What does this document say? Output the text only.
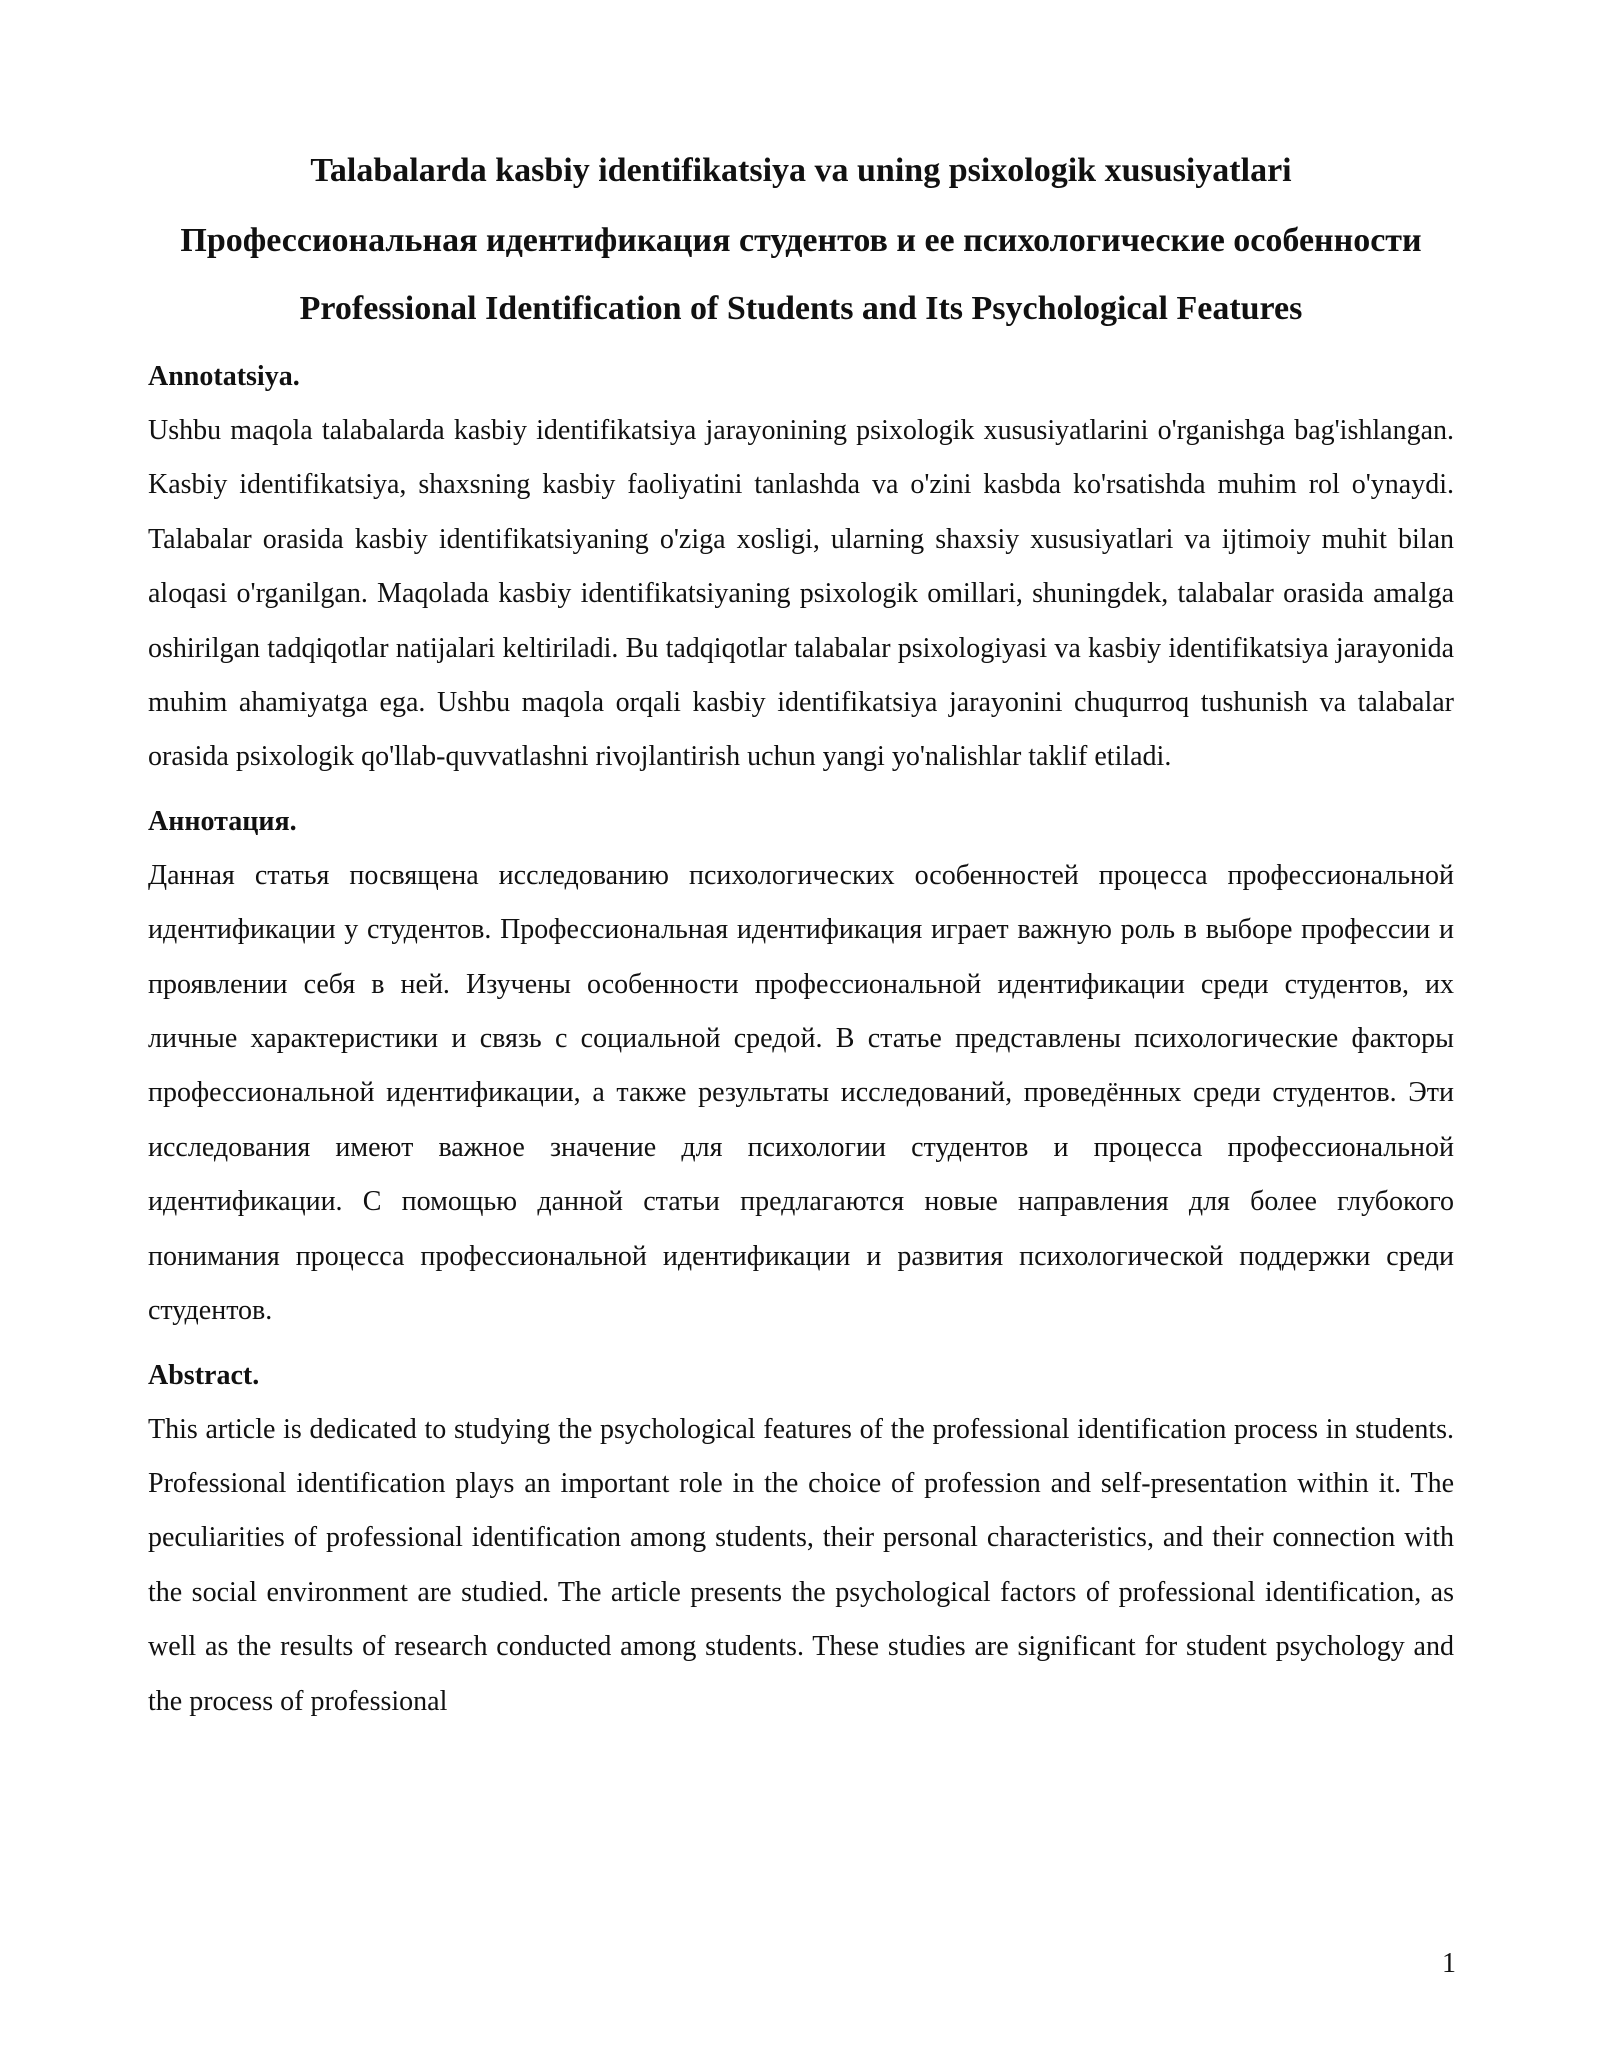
Talabalarda kasbiy identifikatsiya va uning psixologik xususiyatlari

Профессиональная идентификация студентов и ее психологические особенности

Professional Identification of Students and Its Psychological Features

Annotatsiya.

Ushbu maqola talabalarda kasbiy identifikatsiya jarayonining psixologik xususiyatlarini o'rganishga bag'ishlangan. Kasbiy identifikatsiya, shaxsning kasbiy faoliyatini tanlashda va o'zini kasbda ko'rsatishda muhim rol o'ynaydi. Talabalar orasida kasbiy identifikatsiyaning o'ziga xosligi, ularning shaxsiy xususiyatlari va ijtimoiy muhit bilan aloqasi o'rganilgan. Maqolada kasbiy identifikatsiyaning psixologik omillari, shuningdek, talabalar orasida amalga oshirilgan tadqiqotlar natijalari keltiriladi. Bu tadqiqotlar talabalar psixologiyasi va kasbiy identifikatsiya jarayonida muhim ahamiyatga ega. Ushbu maqola orqali kasbiy identifikatsiya jarayonini chuqurroq tushunish va talabalar orasida psixologik qo'llab-quvvatlashni rivojlantirish uchun yangi yo'nalishlar taklif etiladi.

Аннотация.

Данная статья посвящена исследованию психологических особенностей процесса профессиональной идентификации у студентов. Профессиональная идентификация играет важную роль в выборе профессии и проявлении себя в ней. Изучены особенности профессиональной идентификации среди студентов, их личные характеристики и связь с социальной средой. В статье представлены психологические факторы профессиональной идентификации, а также результаты исследований, проведённых среди студентов. Эти исследования имеют важное значение для психологии студентов и процесса профессиональной идентификации. С помощью данной статьи предлагаются новые направления для более глубокого понимания процесса профессиональной идентификации и развития психологической поддержки среди студентов.

Abstract.

This article is dedicated to studying the psychological features of the professional identification process in students. Professional identification plays an important role in the choice of profession and self-presentation within it. The peculiarities of professional identification among students, their personal characteristics, and their connection with the social environment are studied. The article presents the psychological factors of professional identification, as well as the results of research conducted among students. These studies are significant for student psychology and the process of professional

1
